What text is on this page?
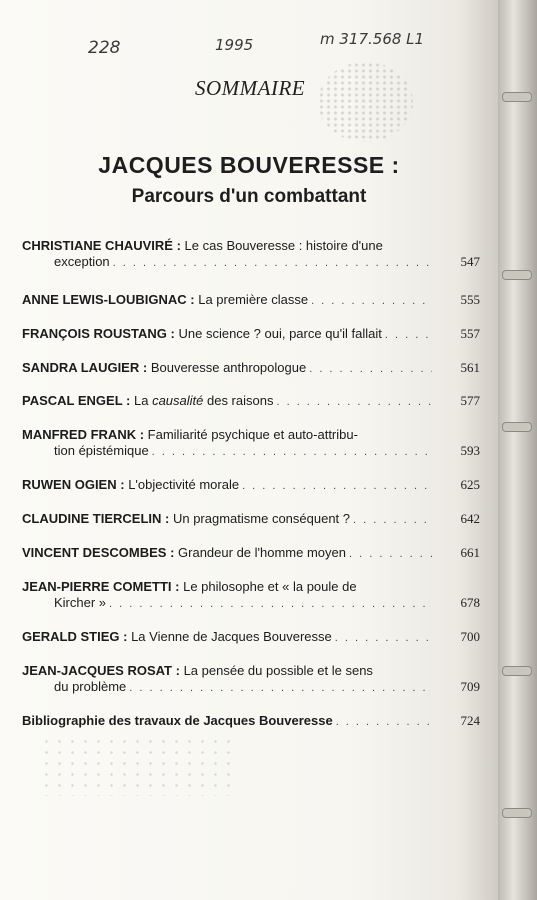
228	1995	m 317.568 L1
SOMMAIRE
JACQUES BOUVERESSE :
Parcours d'un combattant
CHRISTIANE CHAUVIRÉ :
Le cas Bouveresse : histoire d'une
exception . . .	547
ANNE LEWIS-LOUBIGNAC :
La première classe . . .	555
FRANÇOIS ROUSTANG :
Une science ? oui, parce qu'il fallait . . .	557
SANDRA LAUGIER :
Bouveresse anthropologue . . .	561
PASCAL ENGEL :
La causalité des raisons . . .	577
MANFRED FRANK :
Familiarité psychique et auto-attribu-
tion épistémique . . .	593
RUWEN OGIEN :
L'objectivité morale . . .	625
CLAUDINE TIERCELIN :
Un pragmatisme conséquent ? . . .	642
VINCENT DESCOMBES :
Grandeur de l'homme moyen . . .	661
JEAN-PIERRE COMETTI :
Le philosophe et « la poule de
Kircher » . . .	678
GERALD STIEG :
La Vienne de Jacques Bouveresse . . .	700
JEAN-JACQUES ROSAT :
La pensée du possible et le sens
du problème . . .	709
Bibliographie des travaux de Jacques Bouveresse . . .	724
